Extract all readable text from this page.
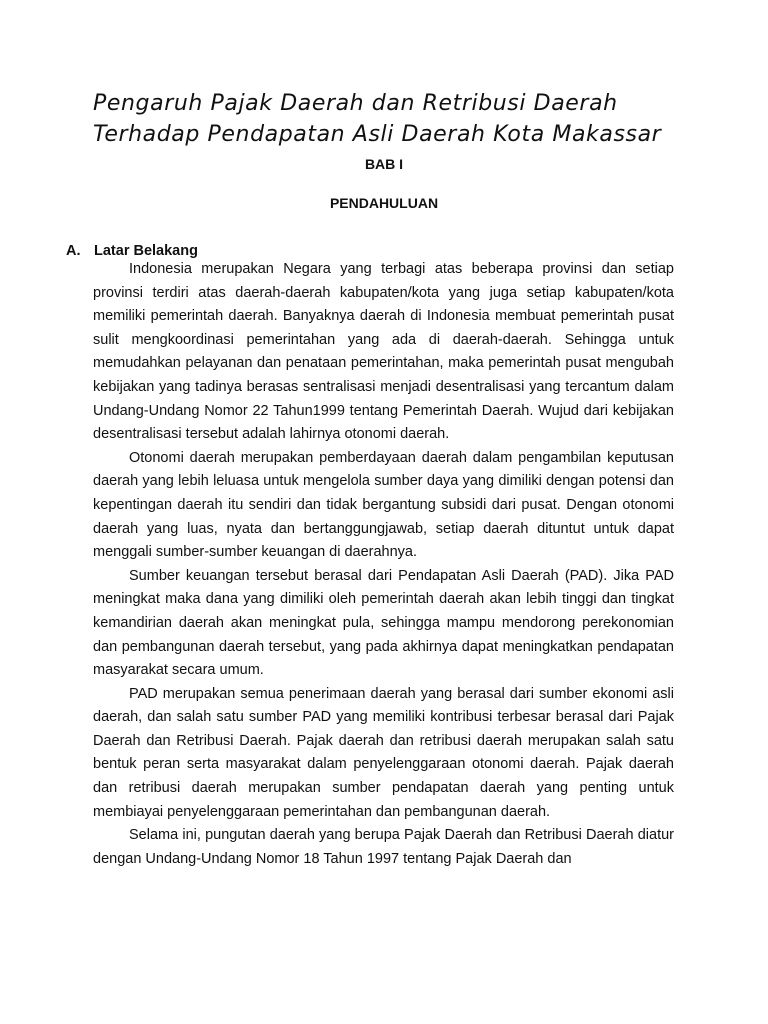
Pengaruh Pajak Daerah dan Retribusi Daerah
Terhadap Pendapatan Asli Daerah Kota Makassar

BAB I

PENDAHULUAN

A. Latar Belakang

Indonesia merupakan Negara yang terbagi atas beberapa provinsi dan setiap provinsi terdiri atas daerah-daerah kabupaten/kota yang juga setiap kabupaten/kota memiliki pemerintah daerah. Banyaknya daerah di Indonesia membuat pemerintah pusat sulit mengkoordinasi pemerintahan yang ada di daerah-daerah. Sehingga untuk memudahkan pelayanan dan penataan pemerintahan, maka pemerintah pusat mengubah kebijakan yang tadinya berasas sentralisasi menjadi desentralisasi yang tercantum dalam Undang-Undang Nomor 22 Tahun1999 tentang Pemerintah Daerah. Wujud dari kebijakan desentralisasi tersebut adalah lahirnya otonomi daerah.

Otonomi daerah merupakan pemberdayaan daerah dalam pengambilan keputusan daerah yang lebih leluasa untuk mengelola sumber daya yang dimiliki dengan potensi dan kepentingan daerah itu sendiri dan tidak bergantung subsidi dari pusat. Dengan otonomi daerah yang luas, nyata dan bertanggungjawab, setiap daerah dituntut untuk dapat menggali sumber-sumber keuangan di daerahnya.

Sumber keuangan tersebut berasal dari Pendapatan Asli Daerah (PAD). Jika PAD meningkat maka dana yang dimiliki oleh pemerintah daerah akan lebih tinggi dan tingkat kemandirian daerah akan meningkat pula, sehingga mampu mendorong perekonomian dan pembangunan daerah tersebut, yang pada akhirnya dapat meningkatkan pendapatan masyarakat secara umum.

PAD merupakan semua penerimaan daerah yang berasal dari sumber ekonomi asli daerah, dan salah satu sumber PAD yang memiliki kontribusi terbesar berasal dari Pajak Daerah dan Retribusi Daerah. Pajak daerah dan retribusi daerah merupakan salah satu bentuk peran serta masyarakat dalam penyelenggaraan otonomi daerah. Pajak daerah dan retribusi daerah merupakan sumber pendapatan daerah yang penting untuk membiayai penyelenggaraan pemerintahan dan pembangunan daerah.

Selama ini, pungutan daerah yang berupa Pajak Daerah dan Retribusi Daerah diatur dengan Undang-Undang Nomor 18 Tahun 1997 tentang Pajak Daerah dan
